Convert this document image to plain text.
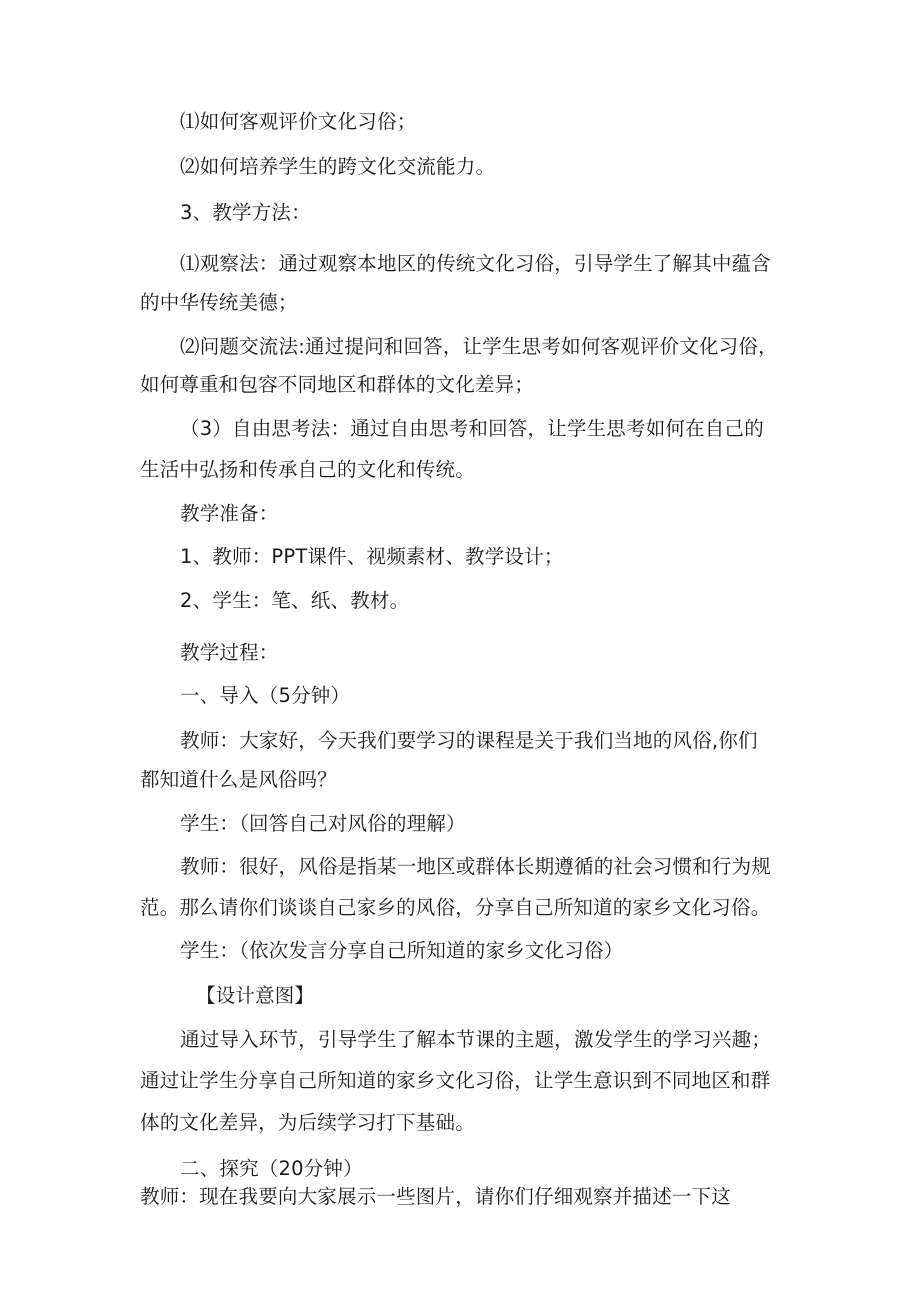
⑴如何客观评价文化习俗；
⑵如何培养学生的跨文化交流能力。
3、教学方法：
⑴观察法：通过观察本地区的传统文化习俗，引导学生了解其中蕴含
的中华传统美德；
⑵问题交流法:通过提问和回答，让学生思考如何客观评价文化习俗，
如何尊重和包容不同地区和群体的文化差异；
（3）自由思考法：通过自由思考和回答，让学生思考如何在自己的
生活中弘扬和传承自己的文化和传统。
教学准备：
1、教师：PPT课件、视频素材、教学设计；
2、学生：笔、纸、教材。
教学过程：
一、导入（5分钟）
教师：大家好，今天我们要学习的课程是关于我们当地的风俗,你们
都知道什么是风俗吗？
学生：（回答自己对风俗的理解）
教师：很好，风俗是指某一地区或群体长期遵循的社会习惯和行为规
范。那么请你们谈谈自己家乡的风俗，分享自己所知道的家乡文化习俗。
学生：（依次发言分享自己所知道的家乡文化习俗）
【设计意图】
通过导入环节，引导学生了解本节课的主题，激发学生的学习兴趣；
通过让学生分享自己所知道的家乡文化习俗，让学生意识到不同地区和群
体的文化差异，为后续学习打下基础。
二、探究（20分钟）
教师：现在我要向大家展示一些图片，请你们仔细观察并描述一下这
